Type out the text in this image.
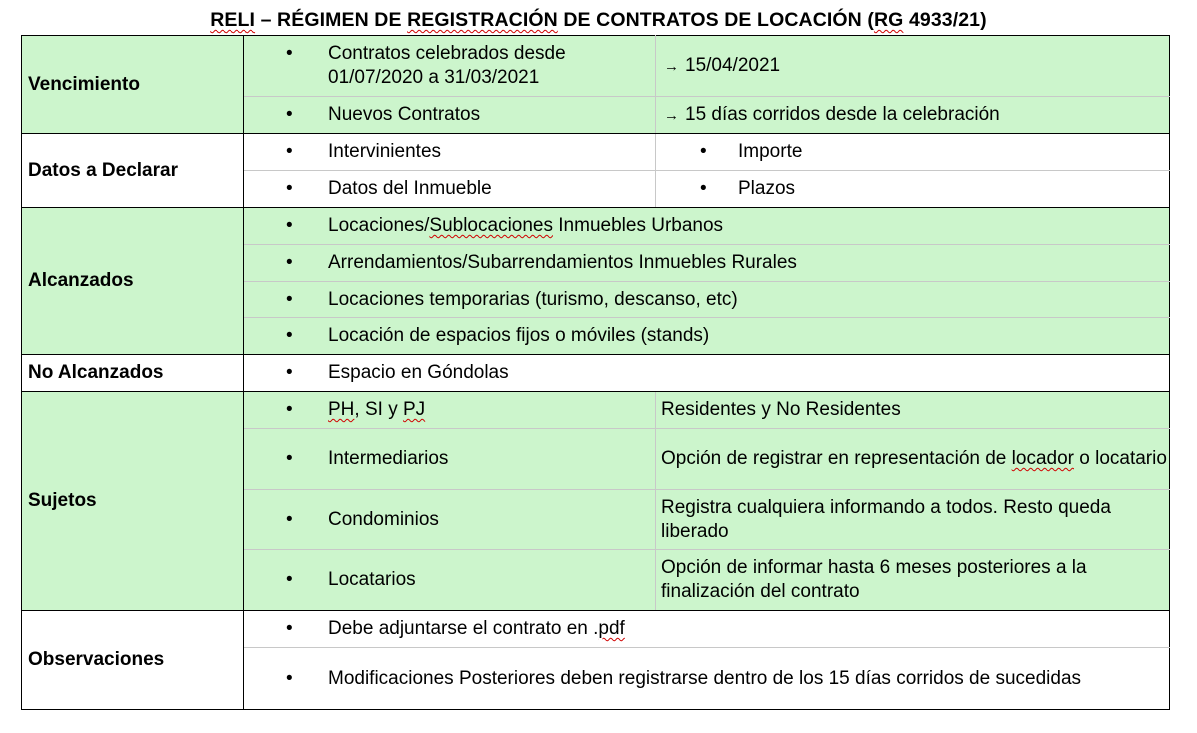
RELI – RÉGIMEN DE REGISTRACIÓN DE CONTRATOS DE LOCACIÓN (RG 4933/21)
Vencimiento	• Contratos celebrados desde 01/07/2020 a 31/03/2021	→ 15/04/2021

	• Nuevos Contratos	→ 15 días corridos desde la celebración

Datos a Declarar	• Intervinientes	• Importe

	• Datos del Inmueble	• Plazos

Alcanzados	• Locaciones/Sublocaciones Inmuebles Urbanos	

	• Arrendamientos/Subarrendamientos Inmuebles Rurales	

	• Locaciones temporarias (turismo, descanso, etc)	

	• Locación de espacios fijos o móviles (stands)	

No Alcanzados	• Espacio en Góndolas	

Sujetos	• PH, SI y PJ	Residentes y No Residentes

	• Intermediarios	Opción de registrar en representación de locador o locatario

	• Condominios	Registra cualquiera informando a todos. Resto queda liberado

	• Locatarios	Opción de informar hasta 6 meses posteriores a la finalización del contrato

Observaciones	• Debe adjuntarse el contrato en .pdf	

	• Modificaciones Posteriores deben registrarse dentro de los 15 días corridos de sucedidas	
